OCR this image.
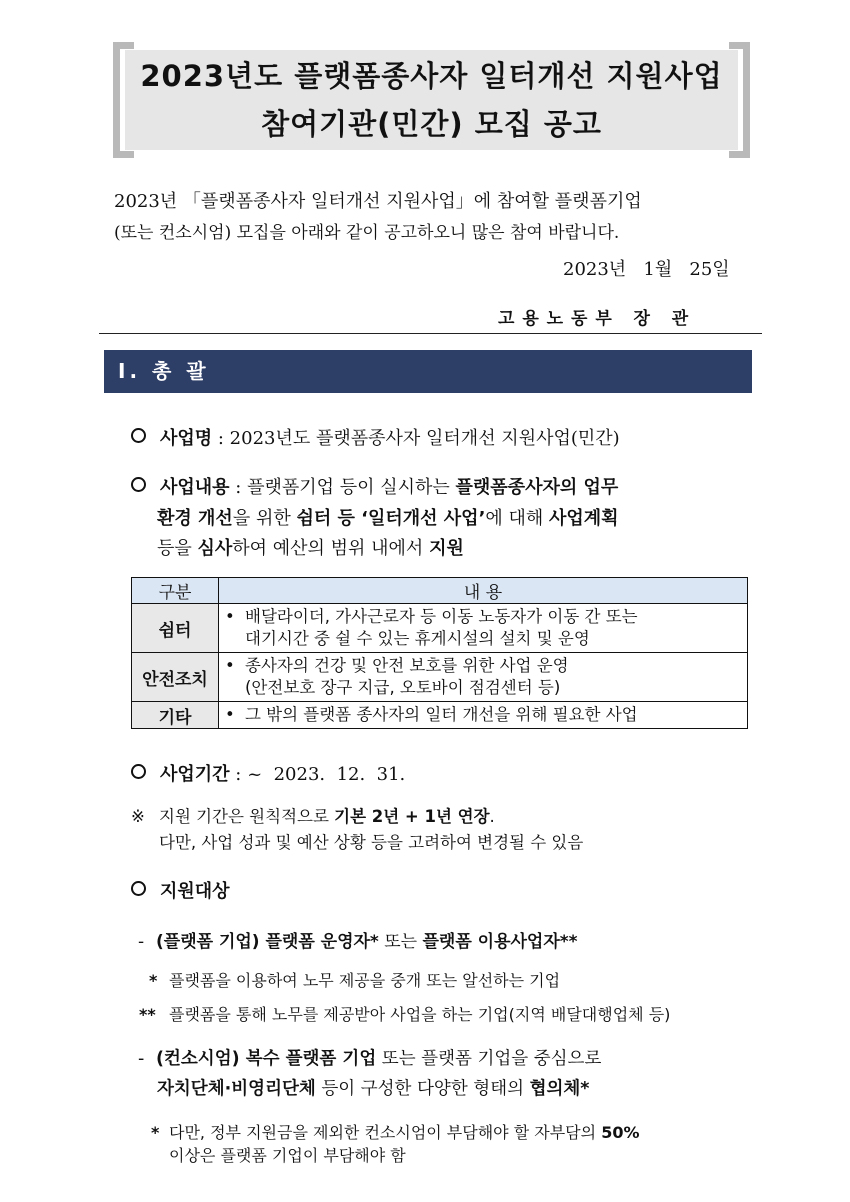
2023년도 플랫폼종사자 일터개선 지원사업
참여기관(민간) 모집 공고
2023년 「플랫폼종사자 일터개선 지원사업」에 참여할 플랫폼기업
(또는 컨소시엄) 모집을 아래와 같이 공고하오니 많은 참여 바랍니다.
2023년   1월   25일
고 용 노 동 부   장   관
Ⅰ. 총 괄
사업명 : 2023년도 플랫폼종사자 일터개선 지원사업(민간)
사업내용 : 플랫폼기업 등이 실시하는 플랫폼종사자의 업무
환경 개선을 위한 쉼터 등 ‘일터개선 사업’에 대해 사업계획
등을 심사하여 예산의 범위 내에서 지원
구분	내 용
쉼터	• 배달라이더, 가사근로자 등 이동 노동자가 이동 간 또는
대기시간 중 쉴 수 있는 휴게시설의 설치 및 운영

안전조치	• 종사자의 건강 및 안전 보호를 위한 사업 운영
(안전보호 장구 지급, 오토바이 점검센터 등)

기타	• 그 밖의 플랫폼 종사자의 일터 개선을 위해 필요한 사업
사업기간 : ~  2023.  12.  31.
※ 지원 기간은 원칙적으로 기본 2년 + 1년 연장.
다만, 사업 성과 및 예산 상황 등을 고려하여 변경될 수 있음
지원대상
- (플랫폼 기업) 플랫폼 운영자* 또는 플랫폼 이용사업자**
* 플랫폼을 이용하여 노무 제공을 중개 또는 알선하는 기업
** 플랫폼을 통해 노무를 제공받아 사업을 하는 기업(지역 배달대행업체 등)
- (컨소시엄) 복수 플랫폼 기업 또는 플랫폼 기업을 중심으로
자치단체·비영리단체 등이 구성한 다양한 형태의 협의체*
* 다만, 정부 지원금을 제외한 컨소시엄이 부담해야 할 자부담의 50%
이상은 플랫폼 기업이 부담해야 함
